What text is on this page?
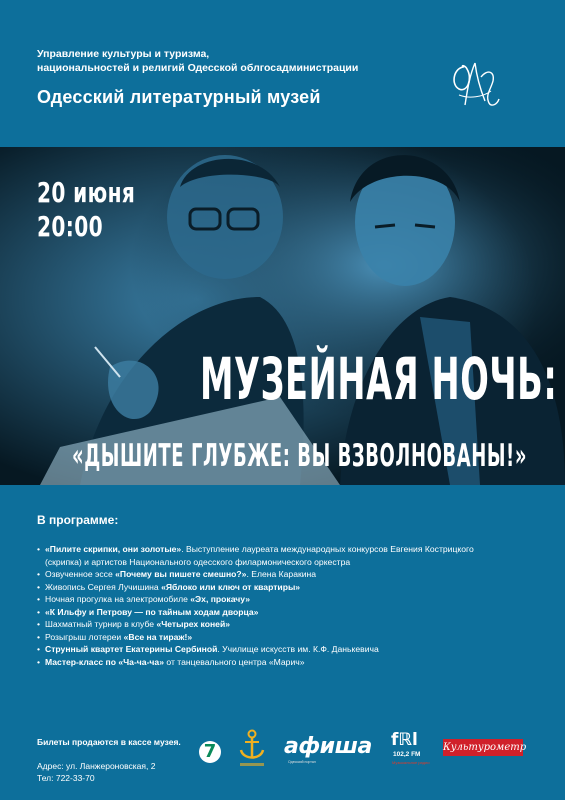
Управление культуры и туризма,
национальностей и религий Одесской облгосадминистрации
Одесский литературный музей
20 июня
20:00
МУЗЕЙНАЯ НОЧЬ:
«ДЫШИТЕ ГЛУБЖЕ: ВЫ ВЗВОЛНОВАНЫ!»
В программе:
• «Пилите скрипки, они золотые». Выступление лауреата международных конкурсов Евгения Кострицкого (скрипка) и артистов Национального одесского филармонического оркестра
• Озвученное эссе «Почему вы пишете смешно?». Елена Каракина
• Живопись Сергея Лучишина «Яблоко или ключ от квартиры»
• Ночная прогулка на электромобиле «Эх, прокачу»
• «К Ильфу и Петрову — по тайным ходам дворца»
• Шахматный турнир в клубе «Четырех коней»
• Розыгрыш лотереи «Все на тираж!»
• Струнный квартет Екатерины Сербиной. Училище искусств им. К.Ф. Данькевича
• Мастер-класс по «Ча-ча-ча» от танцевального центра «Марич»
Билеты продаются в кассе музея.
Адрес: ул. Ланжероновская, 2
Тел: 722-33-70
7	афиша
Одесский портал
fℝl
102,2 FM
Музыкальное радио
Культурометр
